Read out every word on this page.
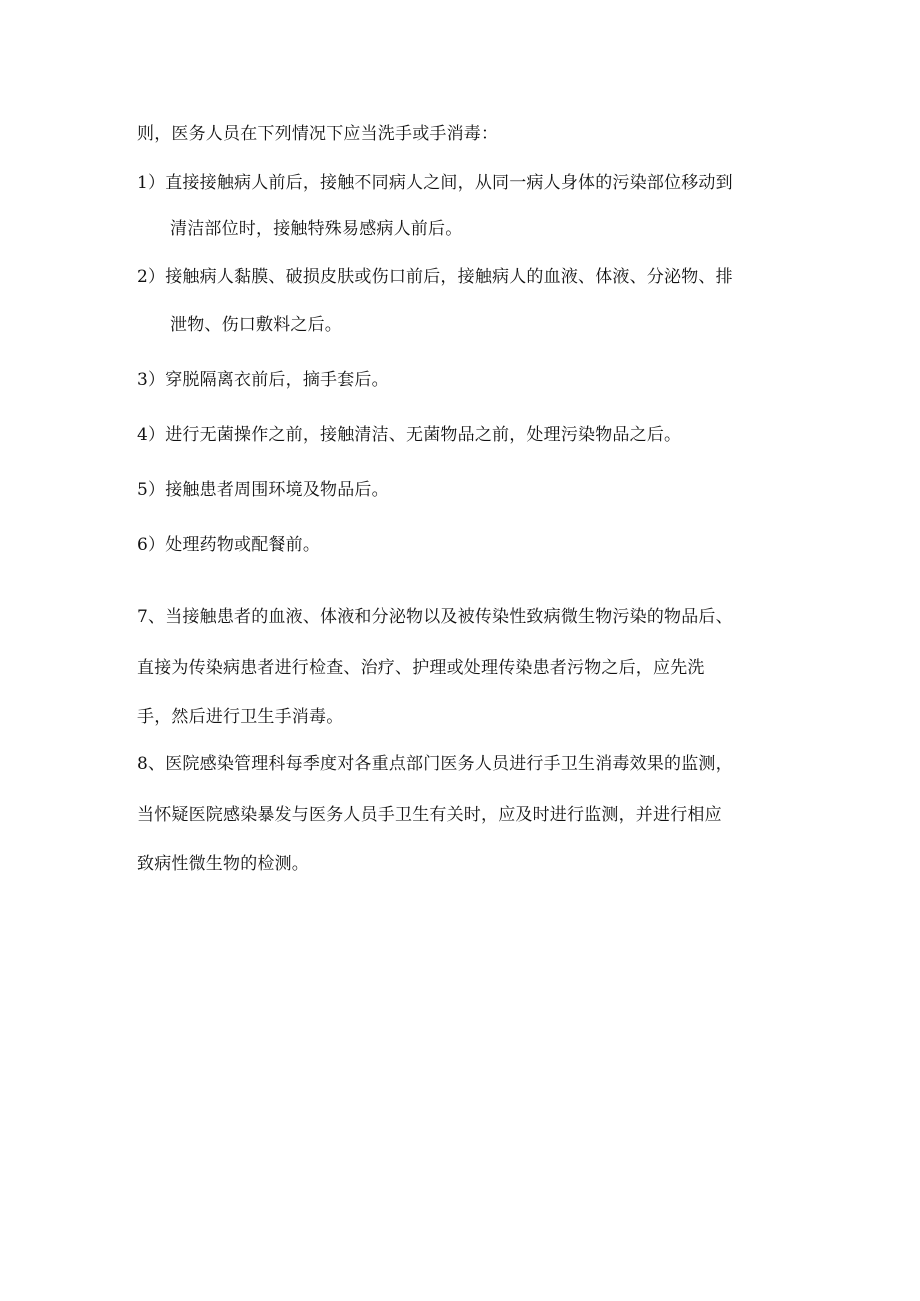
则，医务人员在下列情况下应当洗手或手消毒：
1）直接接触病人前后，接触不同病人之间，从同一病人身体的污染部位移动到
清洁部位时，接触特殊易感病人前后。
2）接触病人黏膜、破损皮肤或伤口前后，接触病人的血液、体液、分泌物、排
泄物、伤口敷料之后。
3）穿脱隔离衣前后，摘手套后。
4）进行无菌操作之前，接触清洁、无菌物品之前，处理污染物品之后。
5）接触患者周围环境及物品后。
6）处理药物或配餐前。
7、当接触患者的血液、体液和分泌物以及被传染性致病微生物污染的物品后、
直接为传染病患者进行检查、治疗、护理或处理传染患者污物之后，应先洗
手，然后进行卫生手消毒。
8、医院感染管理科每季度对各重点部门医务人员进行手卫生消毒效果的监测，
当怀疑医院感染暴发与医务人员手卫生有关时，应及时进行监测，并进行相应
致病性微生物的检测。
